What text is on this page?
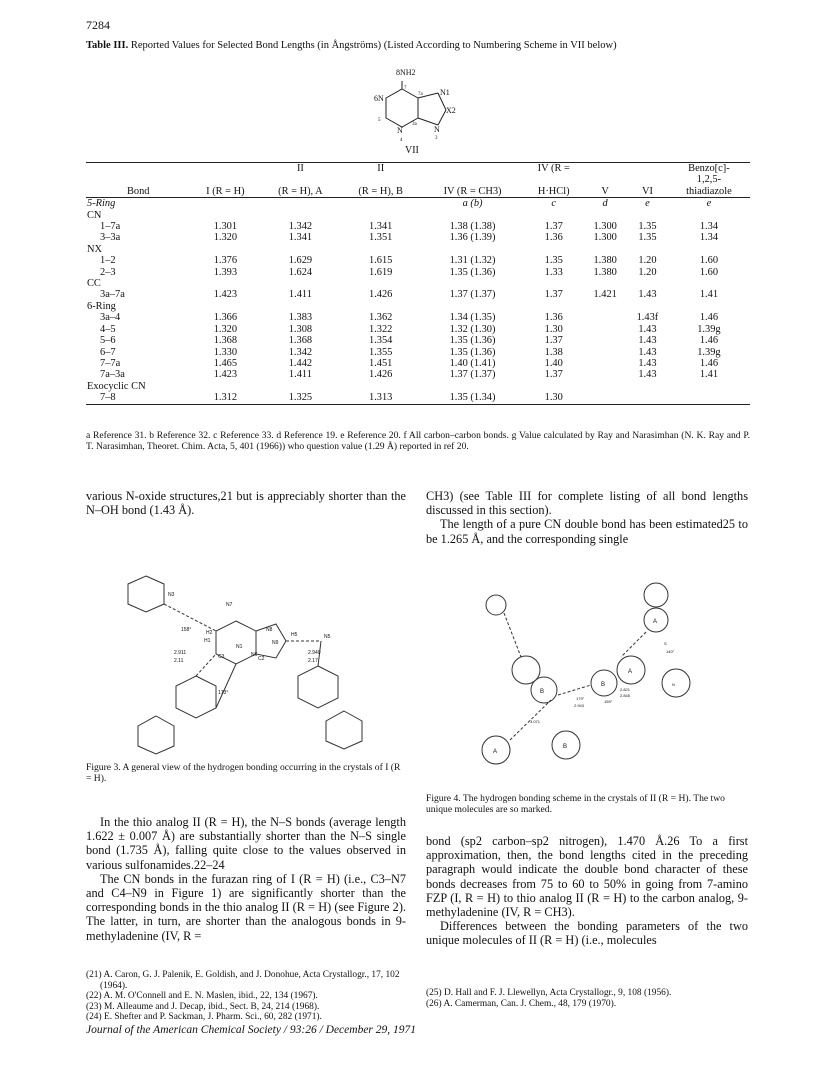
7284
Table III. Reported Values for Selected Bond Lengths (in Ångströms) (Listed According to Numbering Scheme in VII below)
8NH2
7
6N	7a N1
5
3a
X2
N	N
4	3
VII
		II	II		IV (R =			Benzo[c]-
								1,2,5-
Bond	I (R = H)	(R = H), A	(R = H), B	IV (R = CH3)	H·HCl)	V	VI	thiadiazole
5-Ring				a (b)	c	d	e	e
CN								
1–7a	1.301	1.342	1.341	1.38 (1.38)	1.37	1.300	1.35	1.34
3–3a	1.320	1.341	1.351	1.36 (1.39)	1.36	1.300	1.35	1.34
NX								
1–2	1.376	1.629	1.615	1.31 (1.32)	1.35	1.380	1.20	1.60
2–3	1.393	1.624	1.619	1.35 (1.36)	1.33	1.380	1.20	1.60
CC								
3a–7a	1.423	1.411	1.426	1.37 (1.37)	1.37	1.421	1.43	1.41
6-Ring								
3a–4	1.366	1.383	1.362	1.34 (1.35)	1.36		1.43f	1.46
4–5	1.320	1.308	1.322	1.32 (1.30)	1.30		1.43	1.39g
5–6	1.368	1.368	1.354	1.35 (1.36)	1.37		1.43	1.46
6–7	1.330	1.342	1.355	1.35 (1.36)	1.38		1.43	1.39g
7–7a	1.465	1.442	1.451	1.40 (1.41)	1.40		1.43	1.46
7a–3a	1.423	1.411	1.426	1.37 (1.37)	1.37		1.43	1.41
Exocyclic CN								
7–8	1.312	1.325	1.313	1.35 (1.34)	1.30			
a Reference 31. b Reference 32. c Reference 33. d Reference 19. e Reference 20. f All carbon–carbon bonds. g Value calculated by Ray and Narasimhan (N. K. Ray and P. T. Narasimhan, Theoret. Chim. Acta, 5, 401 (1966)) who question value (1.29 Å) reported in ref 20.

various N-oxide structures,21 but is appreciably shorter than the N–OH bond (1.43 Å).

CH3) (see Table III for complete listing of all bond lengths discussed in this section).

The length of a pure CN double bond has been estimated25 to be 1.265 Å, and the corresponding single

N3
N7
N5
N1
C2
C3
H2	H5
H1	N9
N8
N6
158°
173°
2.911
2.11
2.940
2.17
Figure 3. A general view of the hydrogen bonding occurring in the crystals of I (R = H).
A
B
B
A
A
B
S
N
2.943
3.071
140°
155°
179°
2.821
2.845
Figure 4. The hydrogen bonding scheme in the crystals of II (R = H). The two unique molecules are so marked.

In the thio analog II (R = H), the N–S bonds (average length 1.622 ± 0.007 Å) are substantially shorter than the N–S single bond (1.735 Å), falling quite close to the values observed in various sulfonamides.22–24

The CN bonds in the furazan ring of I (R = H) (i.e., C3–N7 and C4–N9 in Figure 1) are significantly shorter than the corresponding bonds in the thio analog II (R = H) (see Figure 2). The latter, in turn, are shorter than the analogous bonds in 9-methyladenine (IV, R =

bond (sp2 carbon–sp2 nitrogen), 1.470 Å.26 To a first approximation, then, the bond lengths cited in the preceding paragraph would indicate the double bond character of these bonds decreases from 75 to 60 to 50% in going from 7-amino FZP (I, R = H) to thio analog II (R = H) to the carbon analog, 9-methyladenine (IV, R = CH3).

Differences between the bonding parameters of the two unique molecules of II (R = H) (i.e., molecules

(21) A. Caron, G. J. Palenik, E. Goldish, and J. Donohue, Acta Crystallogr., 17, 102 (1964).
(22) A. M. O'Connell and E. N. Maslen, ibid., 22, 134 (1967).
(23) M. Alleaume and J. Decap, ibid., Sect. B, 24, 214 (1968).
(24) E. Shefter and P. Sackman, J. Pharm. Sci., 60, 282 (1971).
(25) D. Hall and F. J. Llewellyn, Acta Crystallogr., 9, 108 (1956).
(26) A. Camerman, Can. J. Chem., 48, 179 (1970).
Journal of the American Chemical Society / 93:26 / December 29, 1971
